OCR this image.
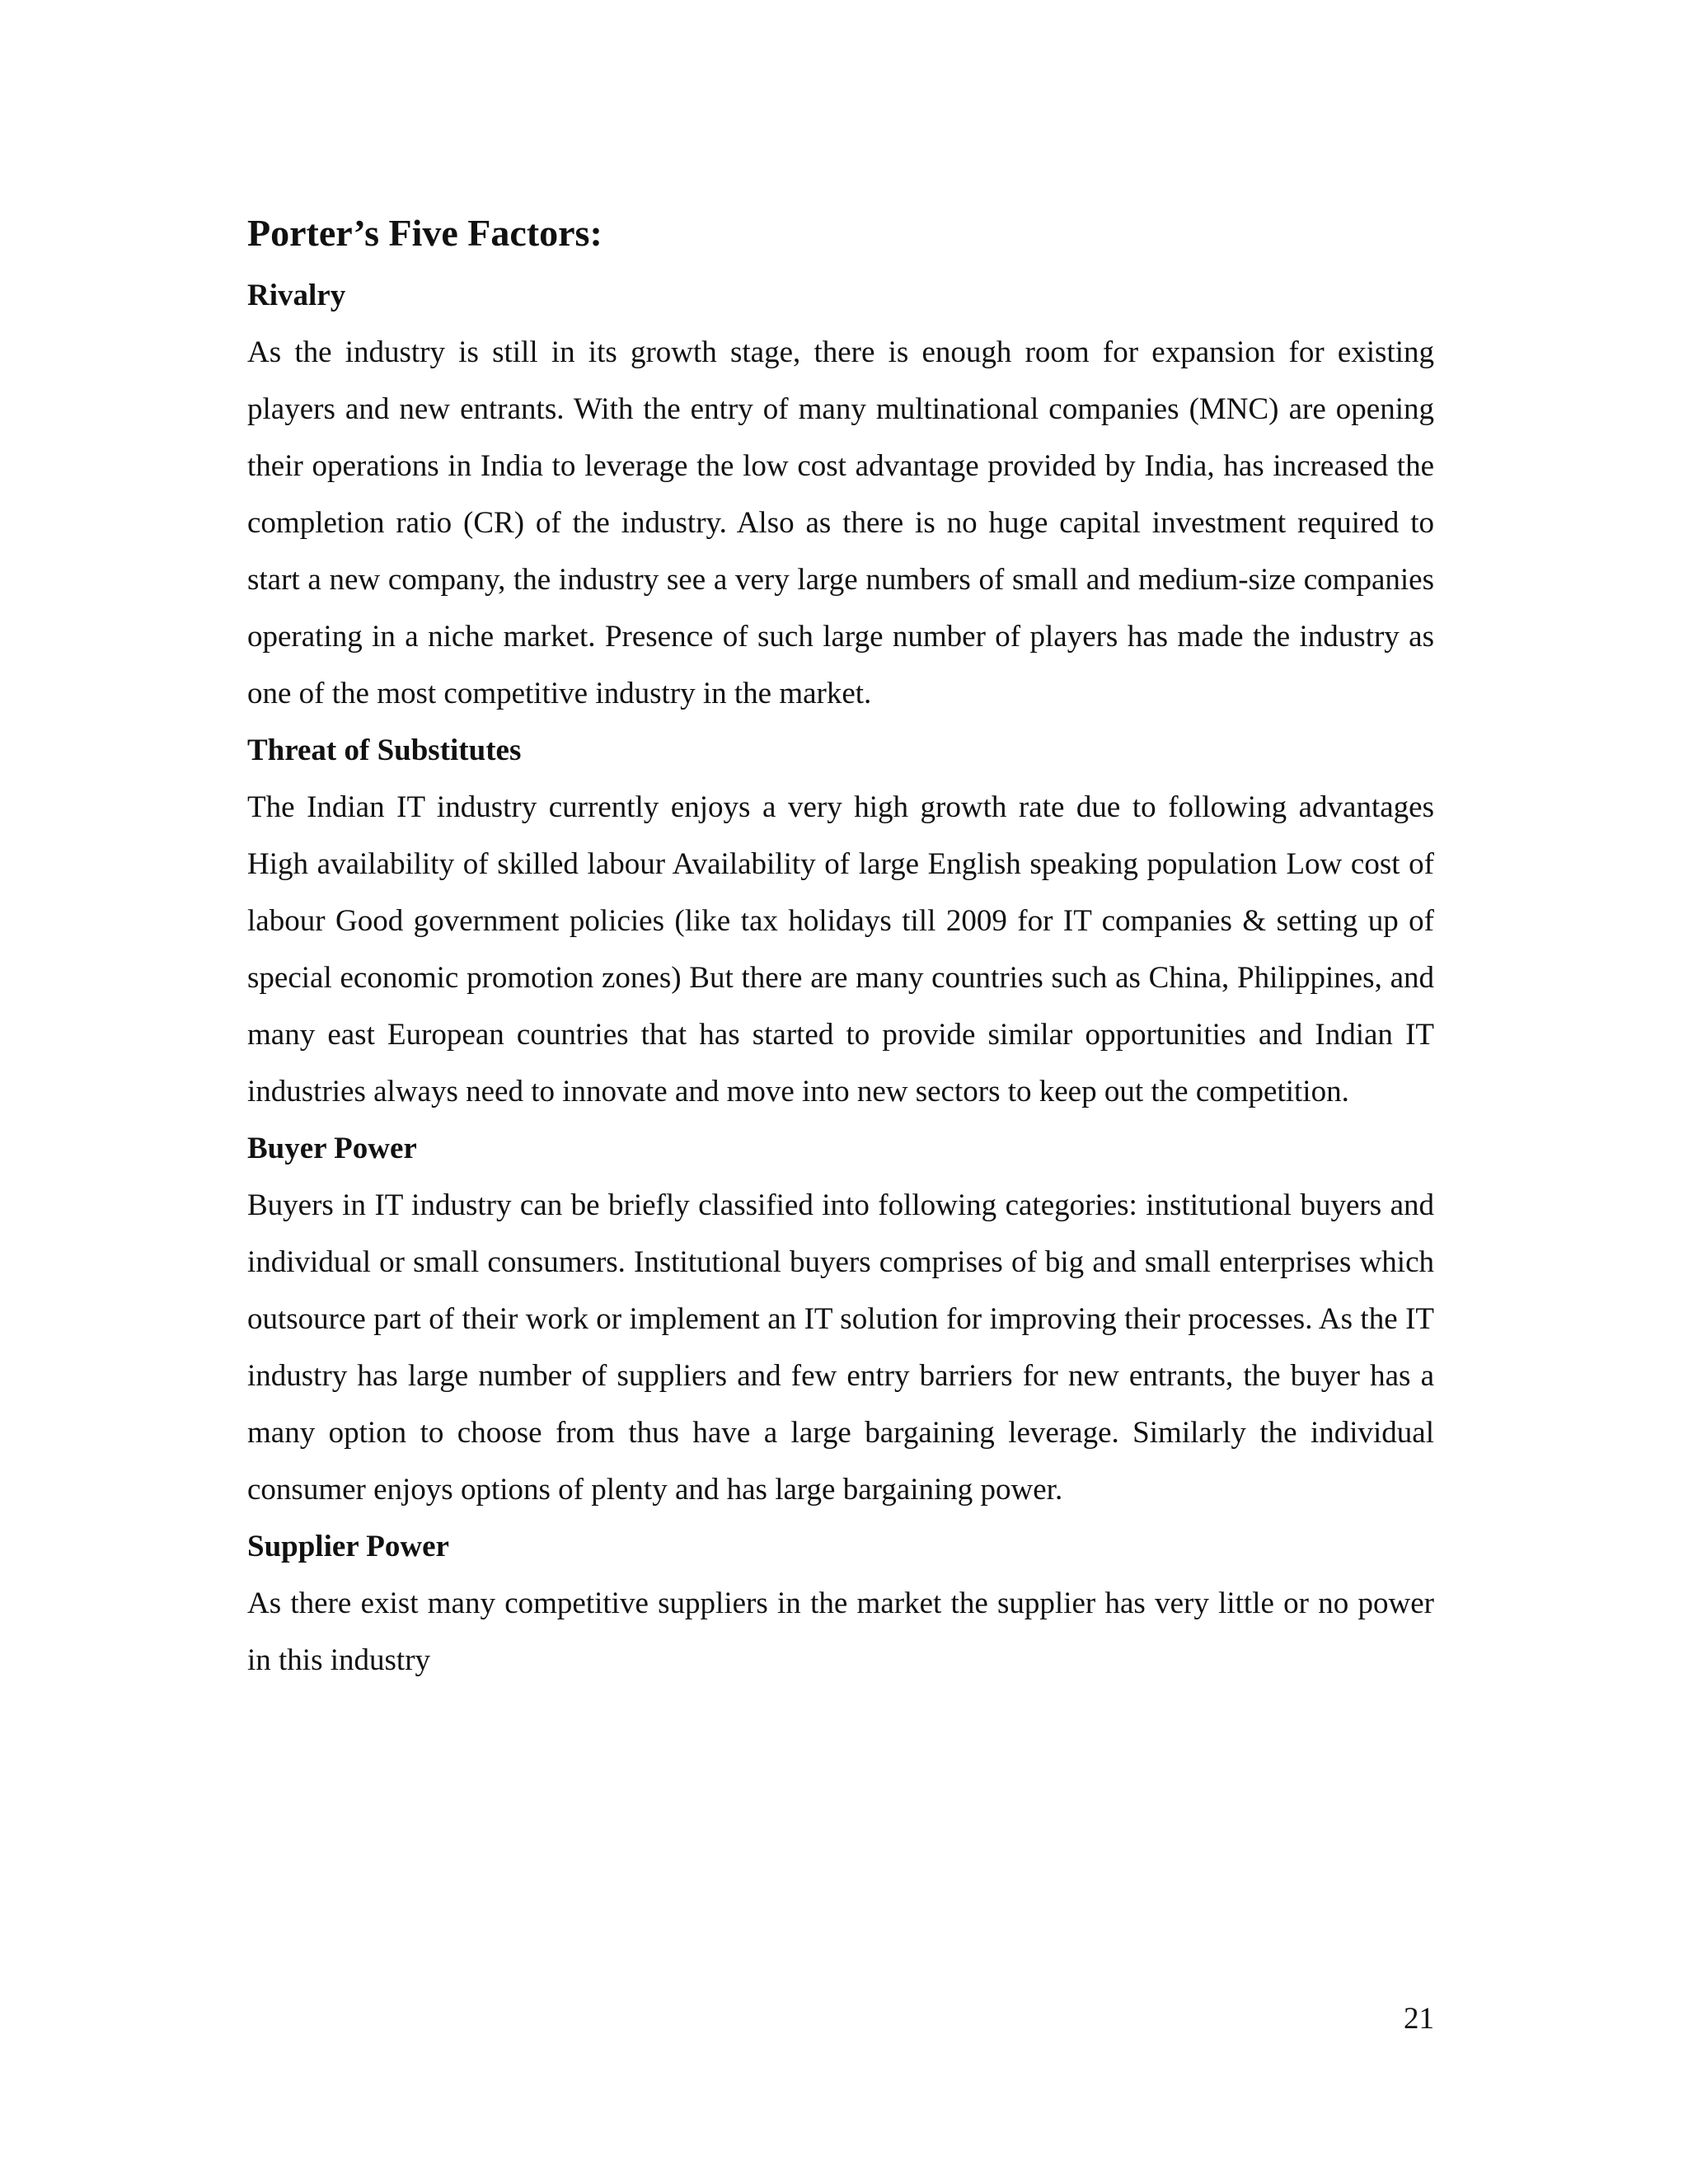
Porter’s Five Factors:
Rivalry

As the industry is still in its growth stage, there is enough room for expansion for existing players and new entrants. With the entry of many multinational companies (MNC) are opening their operations in India to leverage the low cost advantage provided by India, has increased the completion ratio (CR) of the industry. Also as there is no huge capital investment required to start a new company, the industry see a very large numbers of small and medium-size companies operating in a niche market. Presence of such large number of players has made the industry as one of the most competitive industry in the market.

Threat of Substitutes

The Indian IT industry currently enjoys a very high growth rate due to following advantages High availability of skilled labour Availability of large English speaking population Low cost of labour Good government policies (like tax holidays till 2009 for IT companies & setting up of special economic promotion zones) But there are many countries such as China, Philippines, and many east European countries that has started to provide similar opportunities and Indian IT industries always need to innovate and move into new sectors to keep out the competition.

Buyer Power

Buyers in IT industry can be briefly classified into following categories: institutional buyers and individual or small consumers. Institutional buyers comprises of big and small enterprises which outsource part of their work or implement an IT solution for improving their processes. As the IT industry has large number of suppliers and few entry barriers for new entrants, the buyer has a many option to choose from thus have a large bargaining leverage. Similarly the individual consumer enjoys options of plenty and has large bargaining power.

Supplier Power

As there exist many competitive suppliers in the market the supplier has very little or no power in this industry

21
